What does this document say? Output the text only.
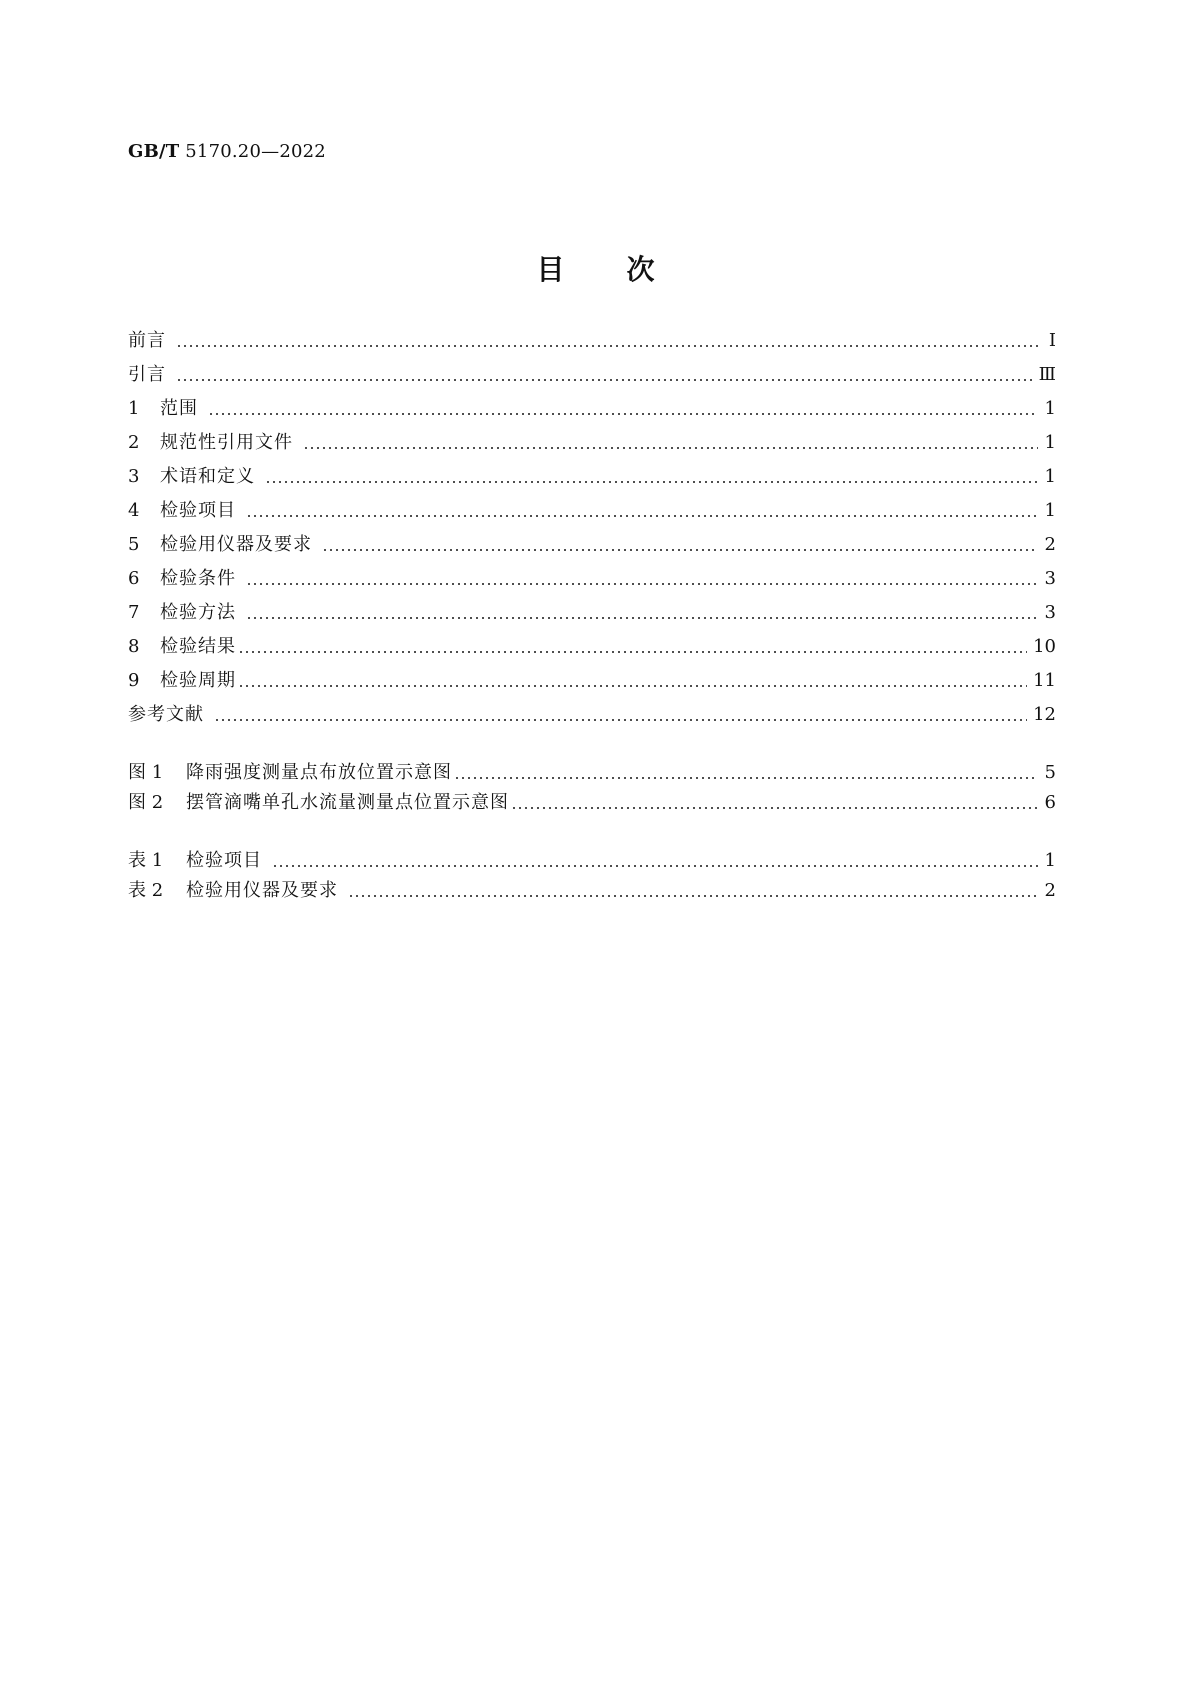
GB/T 5170.20—2022
目 次
前言	Ⅰ
引言	Ⅲ
1	范围	1
2	规范性引用文件	1
3	术语和定义	1
4	检验项目	1
5	检验用仪器及要求	2
6	检验条件	3
7	检验方法	3
8	检验结果	10
9	检验周期	11
参考文献	12
图 1	降雨强度测量点布放位置示意图	5
图 2	摆管滴嘴单孔水流量测量点位置示意图	6
表 1	检验项目	1
表 2	检验用仪器及要求	2
